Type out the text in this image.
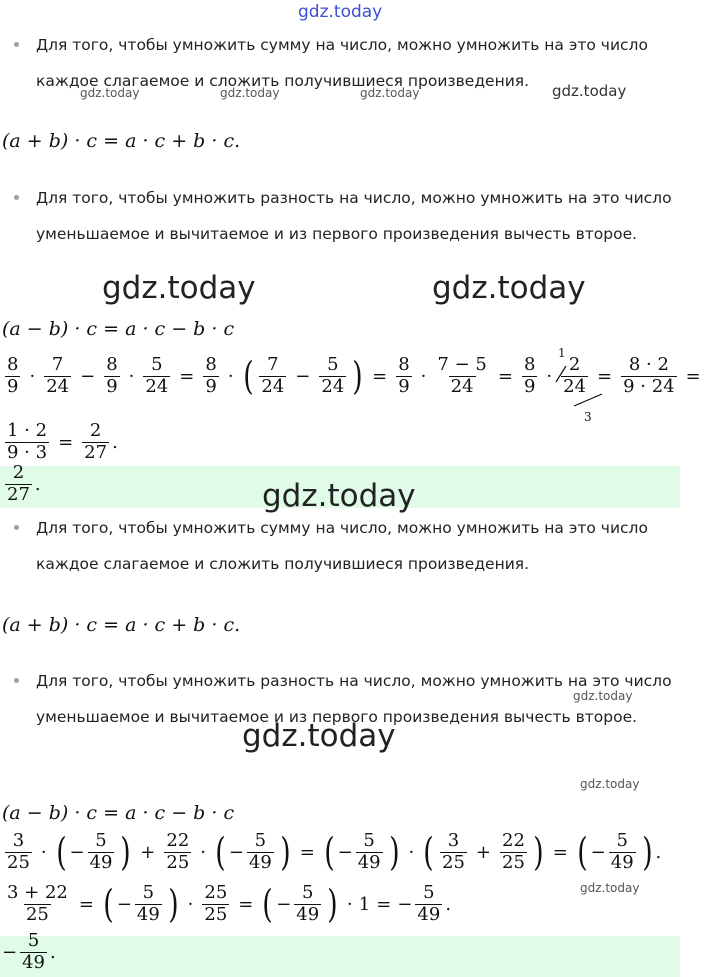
gdz.today
Для того, чтобы умножить сумму на число, можно умножить на это число каждое слагаемое и сложить получившиеся произведения.
gdz.today	gdz.today	gdz.today	gdz.today
(a + b) · c = a · c + b · c.
Для того, чтобы умножить разность на число, можно умножить на это число уменьшаемое и вычитаемое и из первого произведения вычесть второе.
gdz.today	gdz.today
(a − b) · c = a · c − b · c
$\frac{8}{9} \cdot \frac{7}{24} - \frac{8}{9} \cdot \frac{5}{24} = \frac{8}{9}$ · ( $\frac{7}{24} - \frac{5}{24}$ ) = $\frac{8}{9} \cdot \frac{7 - 5}{24} = \frac{8}{9} \cdot \frac{2}{24} = \frac{8 \cdot 2}{9 \cdot 24}$ =
1
3
$\frac{1 \cdot 2}{9 \cdot 3} = \frac{2}{27}$ .
$\frac{2}{27}$ .	gdz.today
Для того, чтобы умножить сумму на число, можно умножить на это число каждое слагаемое и сложить получившиеся произведения.
(a + b) · c = a · c + b · c.
Для того, чтобы умножить разность на число, можно умножить на это число уменьшаемое и вычитаемое и из первого произведения вычесть второе.
gdz.today
gdz.today
gdz.today
(a − b) · c = a · c − b · c
$\frac{3}{25}$ · ( − $\frac{5}{49}$ ) + $\frac{22}{25}$ · ( − $\frac{5}{49}$ ) = ( − $\frac{5}{49}$ ) · ( $\frac{3}{25} + \frac{22}{25}$ ) = ( − $\frac{5}{49}$ ) .
gdz.today
$\frac{3 + 22}{25}$ = ( − $\frac{5}{49}$ ) · $\frac{25}{25}$ = ( − $\frac{5}{49}$ ) · 1 = − $\frac{5}{49}$ .
− $\frac{5}{49}$ .
